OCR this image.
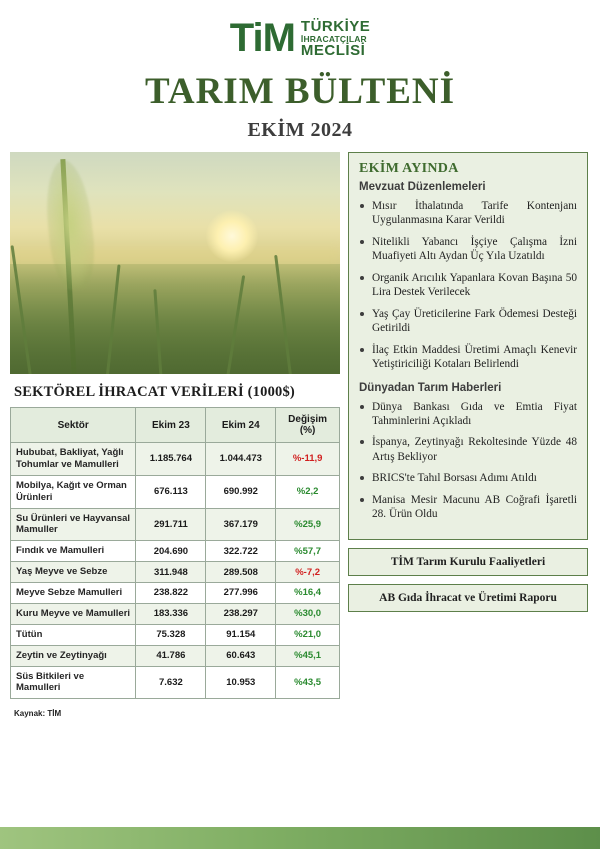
TiM TÜRKİYE
İHRACATÇILAR
MECLİSİ
TARIM BÜLTENİ
EKİM 2024
SEKTÖREL İHRACAT VERİLERİ (1000$)
Sektör	Ekim 23	Ekim 24	Değişim (%)
Hububat, Bakliyat, Yağlı Tohumlar ve Mamulleri	1.185.764	1.044.473	%-11,9
Mobilya, Kağıt ve Orman Ürünleri	676.113	690.992	%2,2
Su Ürünleri ve Hayvansal Mamuller	291.711	367.179	%25,9
Fındık ve Mamulleri	204.690	322.722	%57,7
Yaş Meyve ve Sebze	311.948	289.508	%-7,2
Meyve Sebze Mamulleri	238.822	277.996	%16,4
Kuru Meyve ve Mamulleri	183.336	238.297	%30,0
Tütün	75.328	91.154	%21,0
Zeytin ve Zeytinyağı	41.786	60.643	%45,1
Süs Bitkileri ve Mamulleri	7.632	10.953	%43,5
Kaynak: TİM
EKİM AYINDA
Mevzuat Düzenlemeleri
Mısır İthalatında Tarife Kontenjanı Uygulanmasına Karar Verildi
Nitelikli Yabancı İşçiye Çalışma İzni Muafiyeti Altı Aydan Üç Yıla Uzatıldı
Organik Arıcılık Yapanlara Kovan Başına 50 Lira Destek Verilecek
Yaş Çay Üreticilerine Fark Ödemesi Desteği Getirildi
İlaç Etkin Maddesi Üretimi Amaçlı Kenevir Yetiştiriciliği Kotaları Belirlendi
Dünyadan Tarım Haberleri
Dünya Bankası Gıda ve Emtia Fiyat Tahminlerini Açıkladı
İspanya, Zeytinyağı Rekoltesinde Yüzde 48 Artış Bekliyor
BRICS'te Tahıl Borsası Adımı Atıldı
Manisa Mesir Macunu AB Coğrafi İşaretli 28. Ürün Oldu
TİM Tarım Kurulu Faaliyetleri
AB Gıda İhracat ve Üretimi Raporu
